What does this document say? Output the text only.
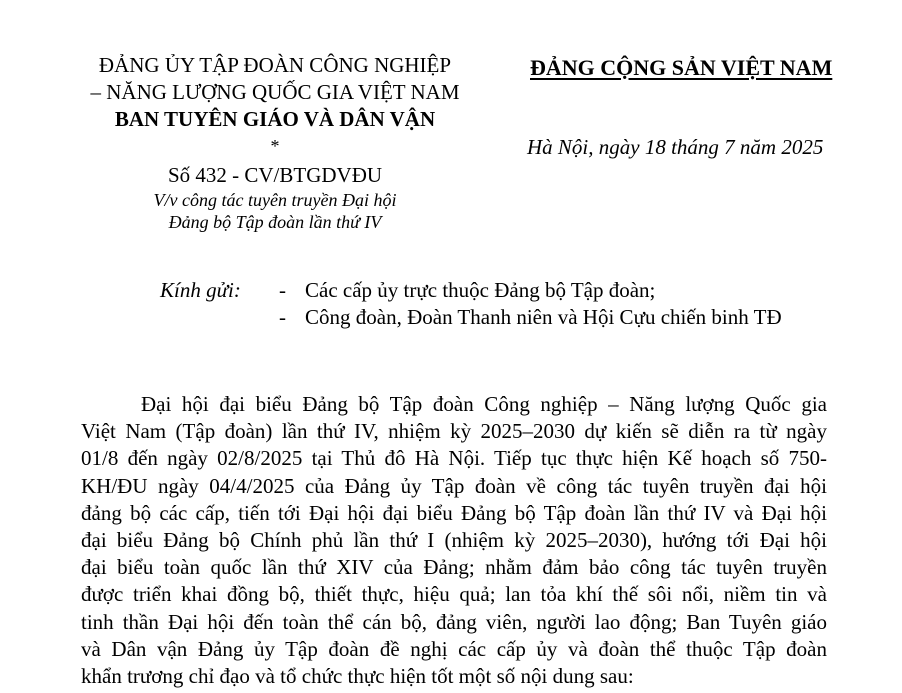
ĐẢNG ỦY TẬP ĐOÀN CÔNG NGHIỆP
– NĂNG LƯỢNG QUỐC GIA VIỆT NAM
BAN TUYÊN GIÁO VÀ DÂN VẬN
*
Số 432 - CV/BTGDVĐU
V/v công tác tuyên truyền Đại hội
Đảng bộ Tập đoàn lần thứ IV
ĐẢNG CỘNG SẢN VIỆT NAM
Hà Nội, ngày 18 tháng 7 năm 2025
Kính gửi: - Các cấp ủy trực thuộc Đảng bộ Tập đoàn;
- Công đoàn, Đoàn Thanh niên và Hội Cựu chiến binh TĐ
Đại hội đại biểu Đảng bộ Tập đoàn Công nghiệp – Năng lượng Quốc gia
Việt Nam (Tập đoàn) lần thứ IV, nhiệm kỳ 2025–2030 dự kiến sẽ diễn ra từ ngày
01/8 đến ngày 02/8/2025 tại Thủ đô Hà Nội. Tiếp tục thực hiện Kế hoạch số 750-
KH/ĐU ngày 04/4/2025 của Đảng ủy Tập đoàn về công tác tuyên truyền đại hội
đảng bộ các cấp, tiến tới Đại hội đại biểu Đảng bộ Tập đoàn lần thứ IV và Đại hội
đại biểu Đảng bộ Chính phủ lần thứ I (nhiệm kỳ 2025–2030), hướng tới Đại hội
đại biểu toàn quốc lần thứ XIV của Đảng; nhằm đảm bảo công tác tuyên truyền
được triển khai đồng bộ, thiết thực, hiệu quả; lan tỏa khí thế sôi nổi, niềm tin và
tinh thần Đại hội đến toàn thể cán bộ, đảng viên, người lao động; Ban Tuyên giáo
và Dân vận Đảng ủy Tập đoàn đề nghị các cấp ủy và đoàn thể thuộc Tập đoàn
khẩn trương chỉ đạo và tổ chức thực hiện tốt một số nội dung sau:
